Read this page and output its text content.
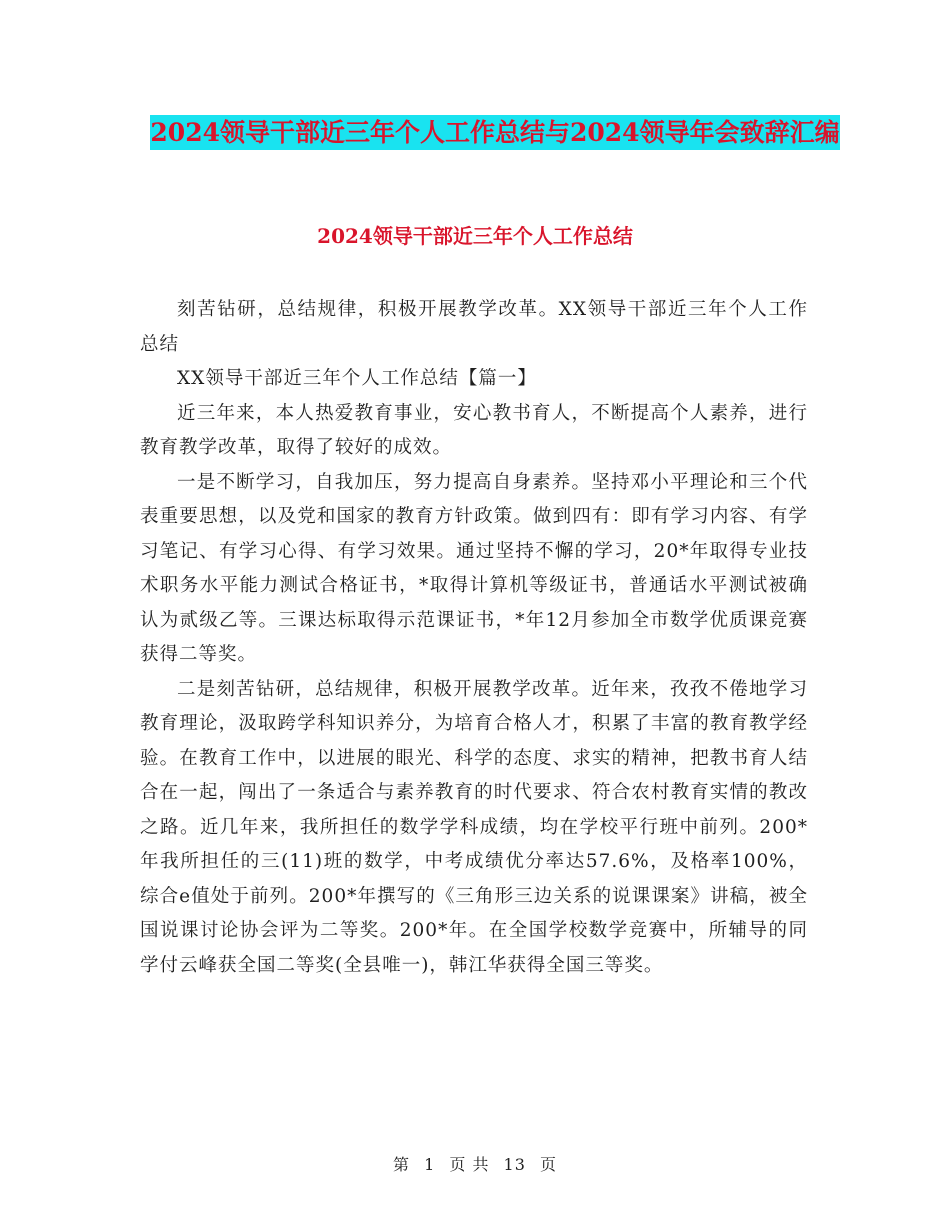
2024领导干部近三年个人工作总结与2024领导年会致辞汇编
2024领导干部近三年个人工作总结

刻苦钻研，总结规律，积极开展教学改革。XX领导干部近三年个人工作总结

XX领导干部近三年个人工作总结【篇一】

近三年来，本人热爱教育事业，安心教书育人，不断提高个人素养，进行教育教学改革，取得了较好的成效。

一是不断学习，自我加压，努力提高自身素养。坚持邓小平理论和三个代表重要思想，以及党和国家的教育方针政策。做到四有：即有学习内容、有学习笔记、有学习心得、有学习效果。通过坚持不懈的学习，20*年取得专业技术职务水平能力测试合格证书，*取得计算机等级证书，普通话水平测试被确认为贰级乙等。三课达标取得示范课证书，*年12月参加全市数学优质课竞赛获得二等奖。

二是刻苦钻研，总结规律，积极开展教学改革。近年来，孜孜不倦地学习教育理论，汲取跨学科知识养分，为培育合格人才，积累了丰富的教育教学经验。在教育工作中，以进展的眼光、科学的态度、求实的精神，把教书育人结合在一起，闯出了一条适合与素养教育的时代要求、符合农村教育实情的教改之路。近几年来，我所担任的数学学科成绩，均在学校平行班中前列。200*年我所担任的三(11)班的数学，中考成绩优分率达57.6%，及格率100%，综合e值处于前列。200*年撰写的《三角形三边关系的说课课案》讲稿，被全国说课讨论协会评为二等奖。200*年。在全国学校数学竞赛中，所辅导的同学付云峰获全国二等奖(全县唯一)，韩江华获得全国三等奖。

第 1 页 共 13 页
